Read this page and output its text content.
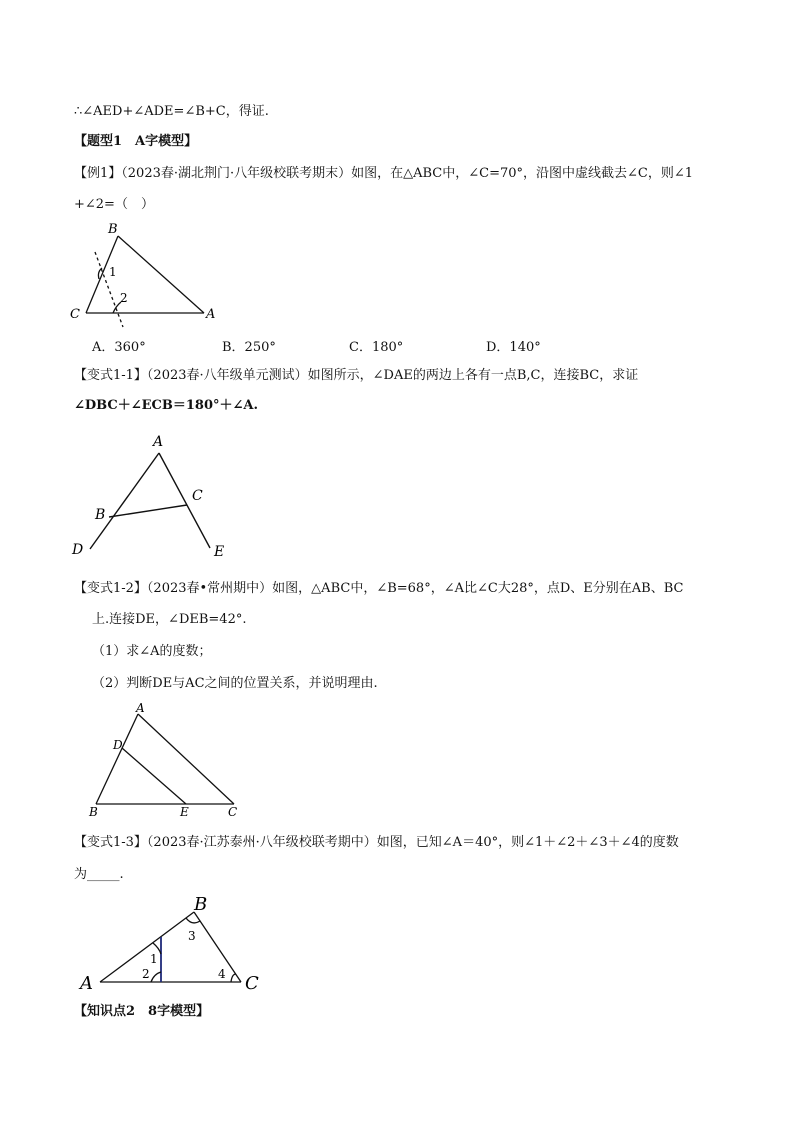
∴∠AED+∠ADE=∠B+C，得证.
【题型1　A字模型】
【例1】（2023春·湖北荆门·八年级校联考期末）如图，在△ABC中，∠C=70°，沿图中虚线截去∠C，则∠1
+∠2=（　）
B
C	A
1
2
A．360°	B．250°	C．180°	D．140°
【变式1-1】（2023春·八年级单元测试）如图所示，∠DAE的两边上各有一点B,C，连接BC，求证
∠DBC＋∠ECB＝180°＋∠A.
A
B
C
D	E
【变式1-2】（2023春•常州期中）如图，△ABC中，∠B=68°，∠A比∠C大28°，点D、E分别在AB、BC
上.连接DE，∠DEB=42°.
（1）求∠A的度数；
（2）判断DE与AC之间的位置关系，并说明理由.
A
D
B	E	C
【变式1-3】（2023春·江苏泰州·八年级校联考期中）如图，已知∠A＝40°，则∠1＋∠2＋∠3＋∠4的度数
为_____.
B
A	C
1
2
3
4
【知识点2　8字模型】
